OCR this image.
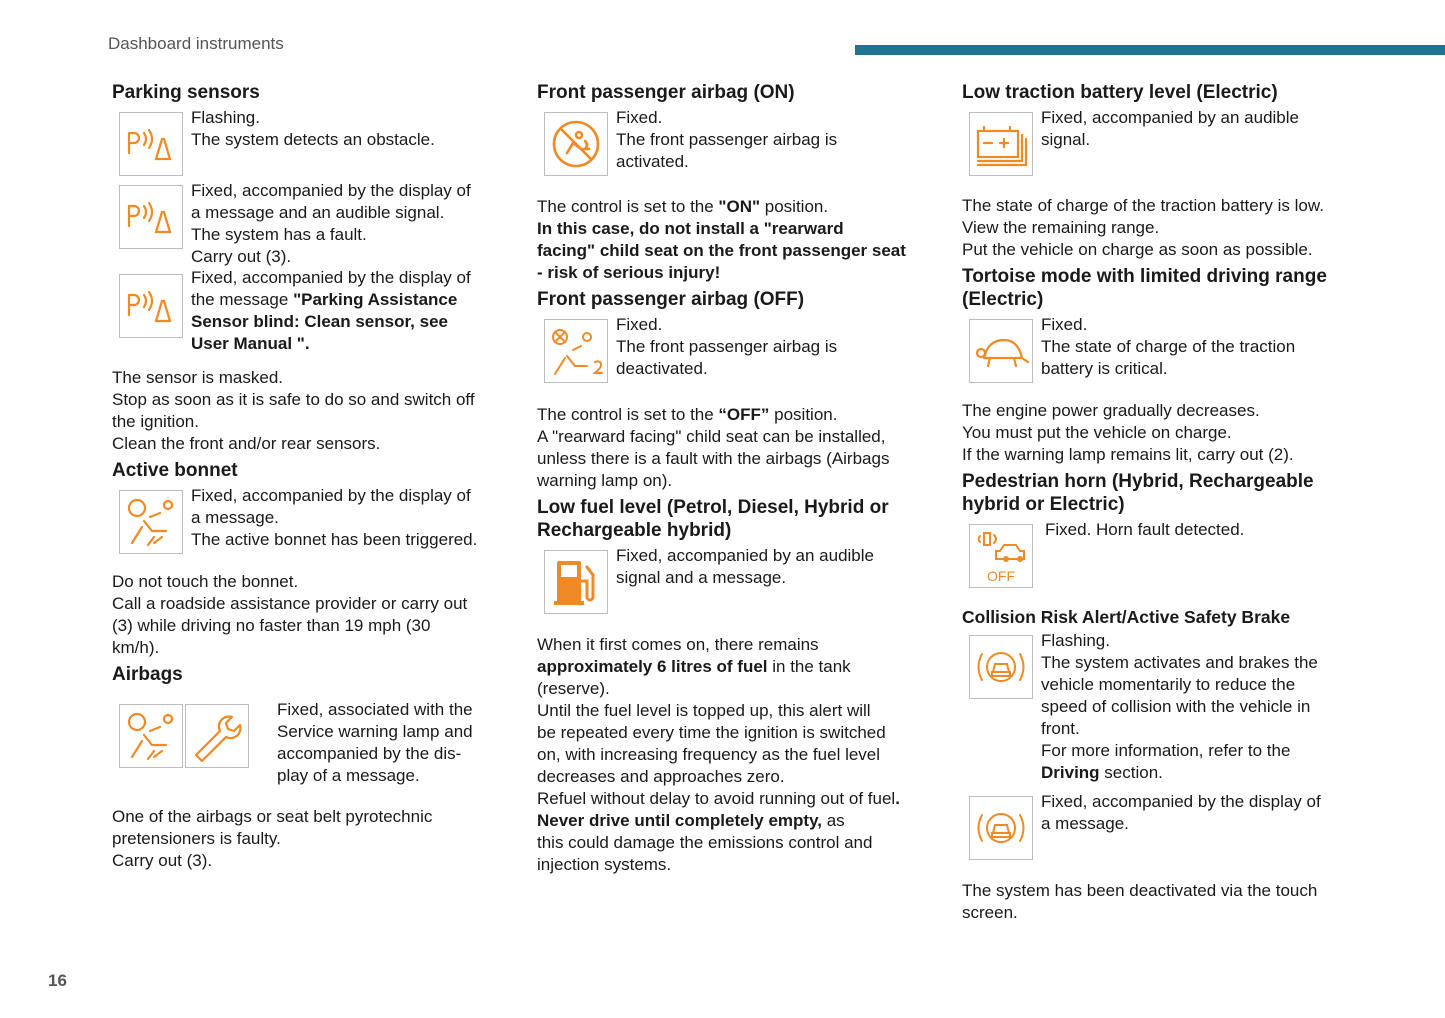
Dashboard instruments
16
Parking sensors

Flashing.

The system detects an obstacle.

Fixed, accompanied by the display of

a message and an audible signal.

The system has a fault.

Carry out (3).

Fixed, accompanied by the display of

the message "Parking Assistance

Sensor blind: Clean sensor, see

User Manual ".

The sensor is masked.

Stop as soon as it is safe to do so and switch off

the ignition.

Clean the front and/or rear sensors.

Active bonnet

Fixed, accompanied by the display of

a message.

The active bonnet has been triggered.

Do not touch the bonnet.

Call a roadside assistance provider or carry out

(3) while driving no faster than 19 mph (30

km/h).

Airbags

Fixed, associated with the

Service warning lamp and

accompanied by the dis-

play of a message.

One of the airbags or seat belt pyrotechnic

pretensioners is faulty.

Carry out (3).

Front passenger airbag (ON)

Fixed.

The front passenger airbag is

activated.

The control is set to the "ON" position.

In this case, do not install a "rearward

facing" child seat on the front passenger seat

- risk of serious injury!

Front passenger airbag (OFF)

Fixed.

The front passenger airbag is

deactivated.

The control is set to the “OFF” position.

A "rearward facing" child seat can be installed,

unless there is a fault with the airbags (Airbags

warning lamp on).

Low fuel level (Petrol, Diesel, Hybrid or
Rechargeable hybrid)

Fixed, accompanied by an audible

signal and a message.

When it first comes on, there remains

approximately 6 litres of fuel in the tank

(reserve).

Until the fuel level is topped up, this alert will

be repeated every time the ignition is switched

on, with increasing frequency as the fuel level

decreases and approaches zero.

Refuel without delay to avoid running out of fuel.

Never drive until completely empty, as

this could damage the emissions control and

injection systems.

Low traction battery level (Electric)

Fixed, accompanied by an audible

signal.

The state of charge of the traction battery is low.

View the remaining range.

Put the vehicle on charge as soon as possible.

Tortoise mode with limited driving range
(Electric)

Fixed.

The state of charge of the traction

battery is critical.

The engine power gradually decreases.

You must put the vehicle on charge.

If the warning lamp remains lit, carry out (2).

Pedestrian horn (Hybrid, Rechargeable
hybrid or Electric)
OFF

Fixed. Horn fault detected.

Collision Risk Alert/Active Safety Brake

Flashing.

The system activates and brakes the

vehicle momentarily to reduce the

speed of collision with the vehicle in

front.

For more information, refer to the

Driving section.

Fixed, accompanied by the display of

a message.

The system has been deactivated via the touch

screen.
